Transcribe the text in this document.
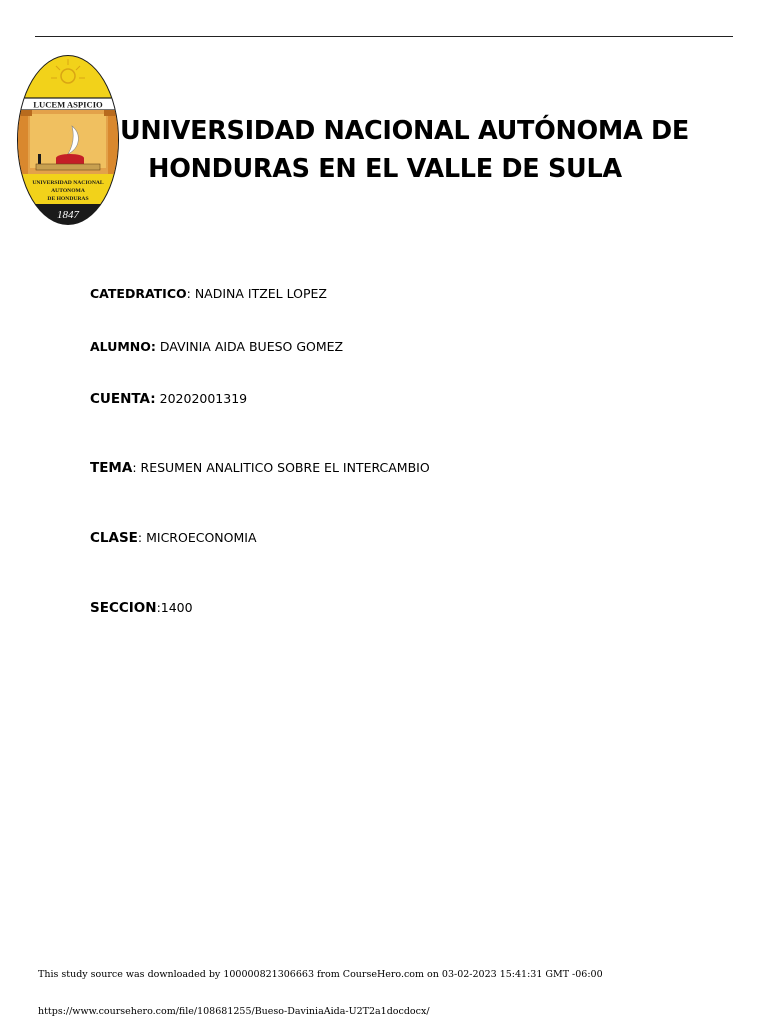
LUCEM ASPICIO
UNIVERSIDAD NACIONAL
AUTONOMA
DE HONDURAS
1847
UNIVERSIDAD NACIONAL AUTÓNOMA DE
HONDURAS EN EL VALLE DE SULA
CATEDRATICO: NADINA ITZEL LOPEZ
ALUMNO: DAVINIA AIDA BUESO GOMEZ
CUENTA: 20202001319
TEMA: RESUMEN ANALITICO SOBRE EL INTERCAMBIO
CLASE: MICROECONOMIA
SECCION:1400
This study source was downloaded by 100000821306663 from CourseHero.com on 03-02-2023 15:41:31 GMT -06:00
https://www.coursehero.com/file/108681255/Bueso-DaviniaAida-U2T2a1docdocx/
